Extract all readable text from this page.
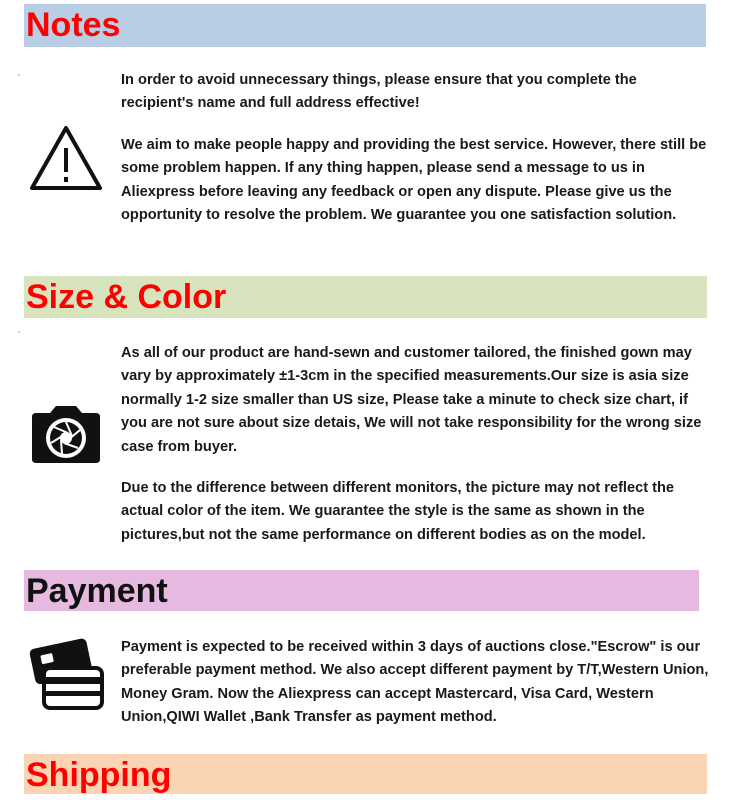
Notes

In order to avoid unnecessary things, please ensure that you complete the recipient's name and full address effective!

We aim to make people happy and providing the best service. However, there still be some problem happen. If any thing happen, please send a message to us in Aliexpress before leaving any feedback or open any dispute. Please give us the opportunity to resolve the problem. We guarantee you one satisfaction solution.

Size & Color

As all of our product are hand-sewn and customer tailored, the finished gown may vary by approximately ±1-3cm in the specified measurements.Our size is asia size normally 1-2 size smaller than US size, Please take a minute to check size chart, if you are not sure about size detais, We will not take responsibility for the wrong size case from buyer.

Due to the difference between different monitors, the picture may not reflect the actual color of the item. We guarantee the style is the same as shown in the pictures,but not the same performance on different bodies as on the model.

Payment

Payment is expected to be received within 3 days of auctions close."Escrow" is our preferable payment method. We also accept different payment by T/T,Western Union, Money Gram. Now the Aliexpress can accept Mastercard, Visa Card, Western Union,QIWI Wallet ,Bank Transfer as payment method.

Shipping
